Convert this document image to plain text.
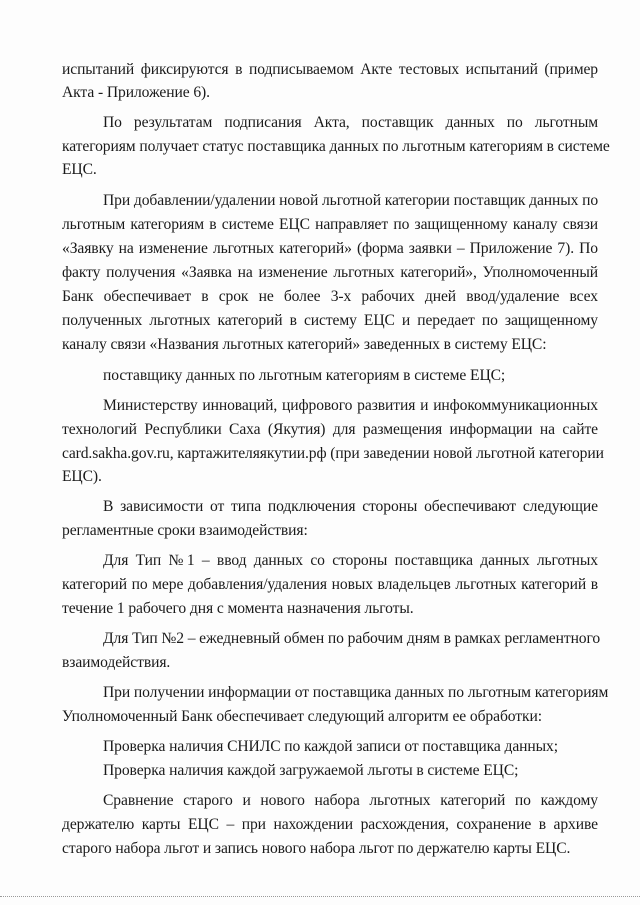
испытаний фиксируются в подписываемом Акте тестовых испытаний (пример
Акта - Приложение 6).
По результатам подписания Акта, поставщик данных по льготным
категориям получает статус поставщика данных по льготным категориям в системе
ЕЦС.
При добавлении/удалении новой льготной категории поставщик данных по
льготным категориям в системе ЕЦС направляет по защищенному каналу связи
«Заявку на изменение льготных категорий» (форма заявки – Приложение 7). По
факту получения «Заявка на изменение льготных категорий», Уполномоченный
Банк обеспечивает в срок не более 3-х рабочих дней ввод/удаление всех
полученных льготных категорий в систему ЕЦС и передает по защищенному
каналу связи «Названия льготных категорий» заведенных в систему ЕЦС:
поставщику данных по льготным категориям в системе ЕЦС;
Министерству инноваций, цифрового развития и инфокоммуникационных
технологий Республики Саха (Якутия) для размещения информации на сайте
card.sakha.gov.ru, картажителяякутии.рф (при заведении новой льготной категории
ЕЦС).
В зависимости от типа подключения стороны обеспечивают следующие
регламентные сроки взаимодействия:
Для Тип №1 – ввод данных со стороны поставщика данных льготных
категорий по мере добавления/удаления новых владельцев льготных категорий в
течение 1 рабочего дня с момента назначения льготы.
Для Тип №2 – ежедневный обмен по рабочим дням в рамках регламентного
взаимодействия.
При получении информации от поставщика данных по льготным категориям
Уполномоченный Банк обеспечивает следующий алгоритм ее обработки:
Проверка наличия СНИЛС по каждой записи от поставщика данных;
Проверка наличия каждой загружаемой льготы в системе ЕЦС;
Сравнение старого и нового набора льготных категорий по каждому
держателю карты ЕЦС – при нахождении расхождения, сохранение в архиве
старого набора льгот и запись нового набора льгот по держателю карты ЕЦС.
